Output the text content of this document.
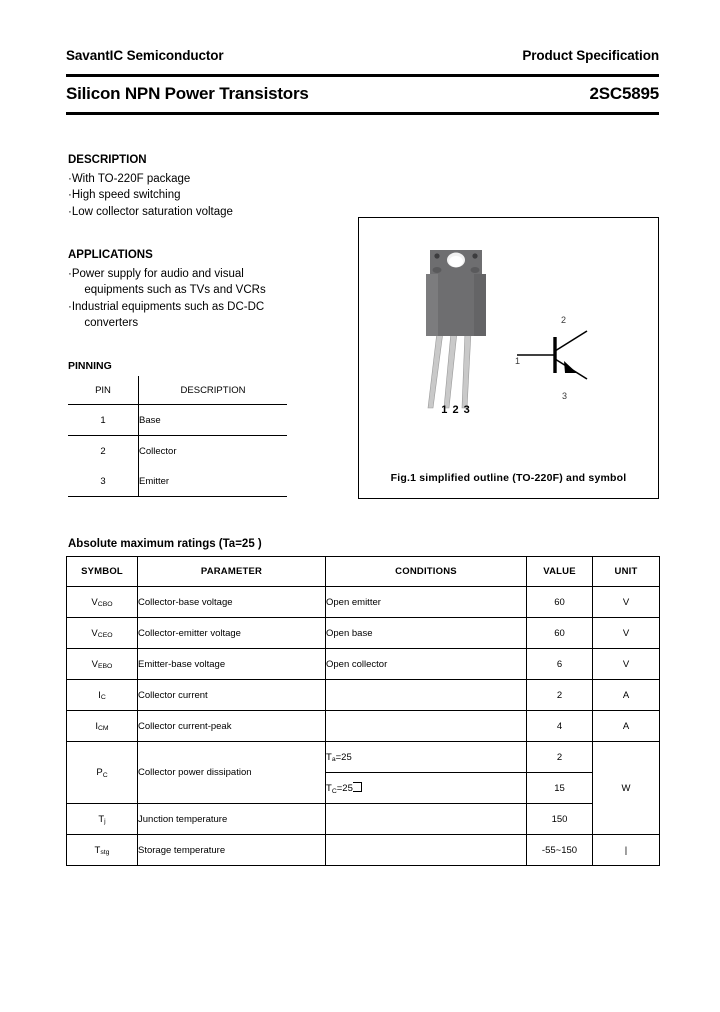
SavantIC Semiconductor	Product Specification
Silicon NPN Power Transistors	2SC5895
DESCRIPTION
·With TO-220F package
·High speed switching
·Low collector saturation voltage
APPLICATIONS
·Power supply for audio and visual
equipments such as TVs and VCRs
·Industrial equipments such as DC-DC
converters
PINNING
PIN	DESCRIPTION
1	Base
2	Collector
3	Emitter
1 2 3
1
2
3
Fig.1 simplified outline (TO-220F) and symbol
Absolute maximum ratings (Ta=25 )
SYMBOL	PARAMETER	CONDITIONS	VALUE	UNIT
$V_{CBO}$	Collector-base voltage	Open emitter	60	V
$V_{CEO}$	Collector-emitter voltage	Open base	60	V
$V_{EBO}$	Emitter-base voltage	Open collector	6	V
$I_C$	Collector current		2	A
$I_{CM}$	Collector current-peak		4	A
$P_C$	Collector power dissipation	$T_a=25$	2	W
		$T_C=25$	15	
$T_j$	Junction temperature		150	
$T_{stg}$	Storage temperature		-55~150	|
